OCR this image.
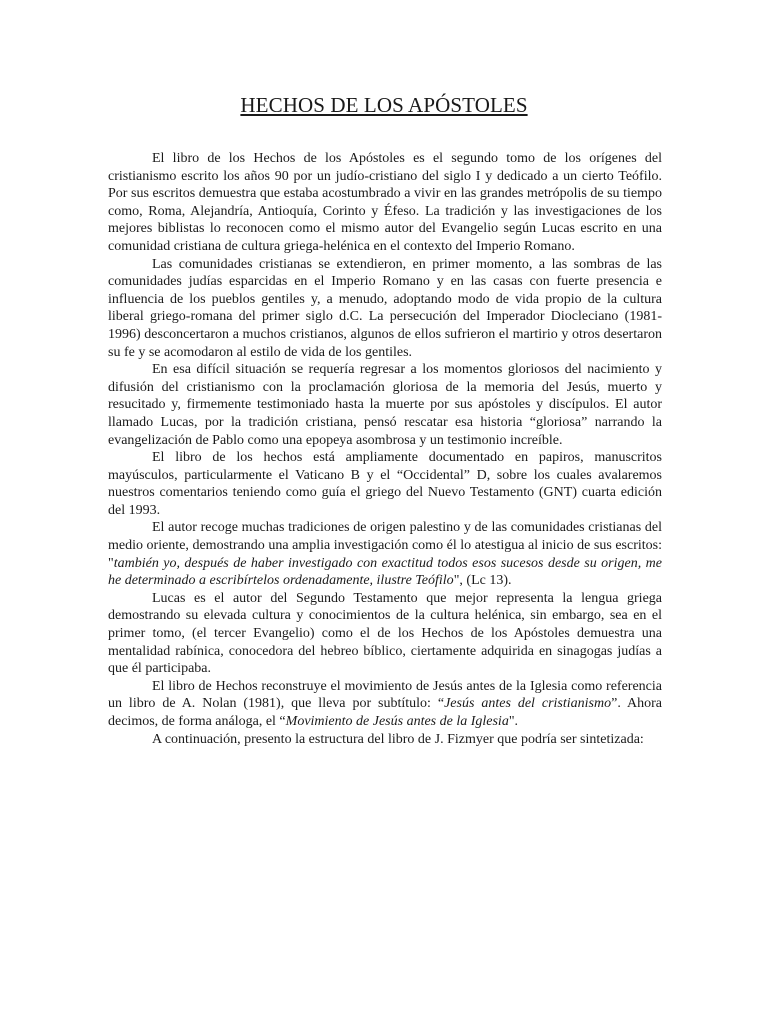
HECHOS DE LOS APÓSTOLES

El libro de los Hechos de los Apóstoles es el segundo tomo de los orígenes del cristianismo escrito los años 90 por un judío-cristiano del siglo I y dedicado a un cierto Teófilo. Por sus escritos demuestra que estaba acostumbrado a vivir en las grandes metrópolis de su tiempo como, Roma, Alejandría, Antioquía, Corinto y Éfeso. La tradición y las investigaciones de los mejores biblistas lo reconocen como el mismo autor del Evangelio según Lucas escrito en una comunidad cristiana de cultura griega-helénica en el contexto del Imperio Romano.

Las comunidades cristianas se extendieron, en primer momento, a las sombras de las comunidades judías esparcidas en el Imperio Romano y en las casas con fuerte presencia e influencia de los pueblos gentiles y, a menudo, adoptando modo de vida propio de la cultura liberal griego-romana del primer siglo d.C. La persecución del Imperador Diocleciano (1981-1996) desconcertaron a muchos cristianos, algunos de ellos sufrieron el martirio y otros desertaron su fe y se acomodaron al estilo de vida de los gentiles.

En esa difícil situación se requería regresar a los momentos gloriosos del nacimiento y difusión del cristianismo con la proclamación gloriosa de la memoria del Jesús, muerto y resucitado y, firmemente testimoniado hasta la muerte por sus apóstoles y discípulos. El autor llamado Lucas, por la tradición cristiana, pensó rescatar esa historia “gloriosa” narrando la evangelización de Pablo como una epopeya asombrosa y un testimonio increíble.

El libro de los hechos está ampliamente documentado en papiros, manuscritos mayúsculos, particularmente el Vaticano B y el “Occidental” D, sobre los cuales avalaremos nuestros comentarios teniendo como guía el griego del Nuevo Testamento (GNT) cuarta edición del 1993.

El autor recoge muchas tradiciones de origen palestino y de las comunidades cristianas del medio oriente, demostrando una amplia investigación como él lo atestigua al inicio de sus escritos: "también yo, después de haber investigado con exactitud todos esos sucesos desde su origen, me he determinado a escribírtelos ordenadamente, ilustre Teófilo", (Lc 13).

Lucas es el autor del Segundo Testamento que mejor representa la lengua griega demostrando su elevada cultura y conocimientos de la cultura helénica, sin embargo, sea en el primer tomo, (el tercer Evangelio) como el de los Hechos de los Apóstoles demuestra una mentalidad rabínica, conocedora del hebreo bíblico, ciertamente adquirida en sinagogas judías a que él participaba.

El libro de Hechos reconstruye el movimiento de Jesús antes de la Iglesia como referencia un libro de A. Nolan (1981), que lleva por subtítulo: “Jesús antes del cristianismo”. Ahora decimos, de forma análoga, el “Movimiento de Jesús antes de la Iglesia".

A continuación, presento la estructura del libro de J. Fizmyer que podría ser sintetizada:
